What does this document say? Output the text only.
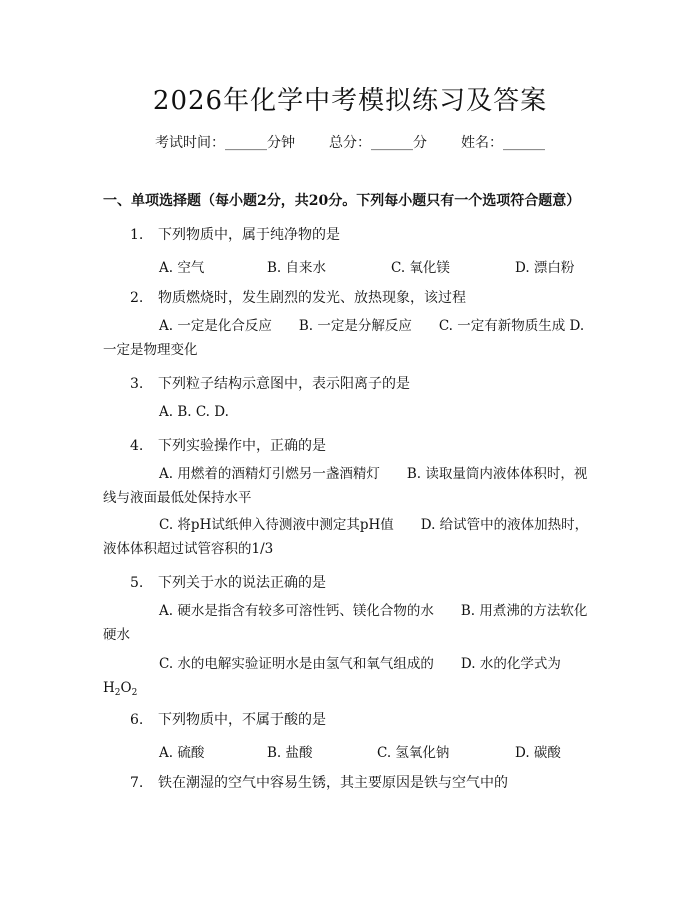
2026年化学中考模拟练习及答案
考试时间：______分钟 总分：______分 姓名：______
一、单项选择题（每小题2分，共20分。下列每小题只有一个选项符合题意）
1. 下列物质中，属于纯净物的是
A. 空气	B. 自来水	C. 氧化镁	D. 漂白粉
2. 物质燃烧时，发生剧烈的发光、放热现象，该过程
A. 一定是化合反应　　B. 一定是分解反应　　C. 一定有新物质生成 D. 一定是物理变化
3. 下列粒子结构示意图中，表示阳离子的是
A. B. C. D.
4. 下列实验操作中，正确的是
A. 用燃着的酒精灯引燃另一盏酒精灯　　B. 读取量筒内液体体积时，视线与液面最低处保持水平
C. 将pH试纸伸入待测液中测定其pH值　　D. 给试管中的液体加热时，液体体积超过试管容积的1/3
5. 下列关于水的说法正确的是
A. 硬水是指含有较多可溶性钙、镁化合物的水　　B. 用煮沸的方法软化硬水
C. 水的电解实验证明水是由氢气和氧气组成的　　D. 水的化学式为$H_2O_2$
6. 下列物质中，不属于酸的是
A. 硫酸	B. 盐酸	C. 氢氧化钠	D. 碳酸
7. 铁在潮湿的空气中容易生锈，其主要原因是铁与空气中的
